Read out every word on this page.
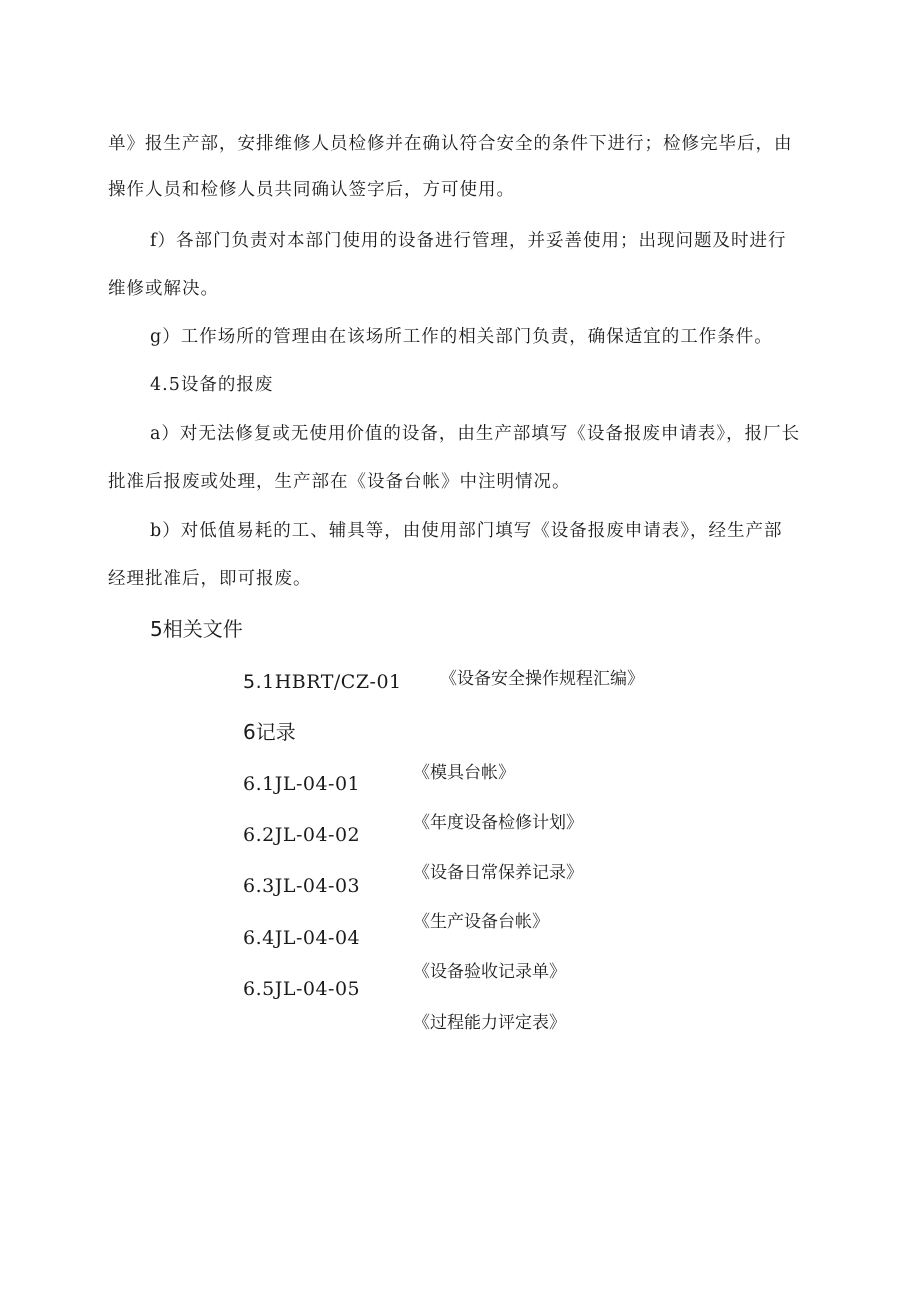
单》报生产部，安排维修人员检修并在确认符合安全的条件下进行；检修完毕后，由
操作人员和检修人员共同确认签字后，方可使用。
f）各部门负责对本部门使用的设备进行管理，并妥善使用；出现问题及时进行
维修或解决。
g）工作场所的管理由在该场所工作的相关部门负责，确保适宜的工作条件。
4.5设备的报废
a）对无法修复或无使用价值的设备，由生产部填写《设备报废申请表》，报厂长
批准后报废或处理，生产部在《设备台帐》中注明情况。
b）对低值易耗的工、辅具等，由使用部门填写《设备报废申请表》，经生产部
经理批准后，即可报废。
5相关文件
5.1HBRT/CZ-01 《设备安全操作规程汇编》
6记录
6.1JL-04-01	《模具台帐》
6.2JL-04-02
《年度设备检修计划》
6.3JL-04-03
《设备日常保养记录》
6.4JL-04-04
《生产设备台帐》
6.5JL-04-05
《设备验收记录单》
《过程能力评定表》
